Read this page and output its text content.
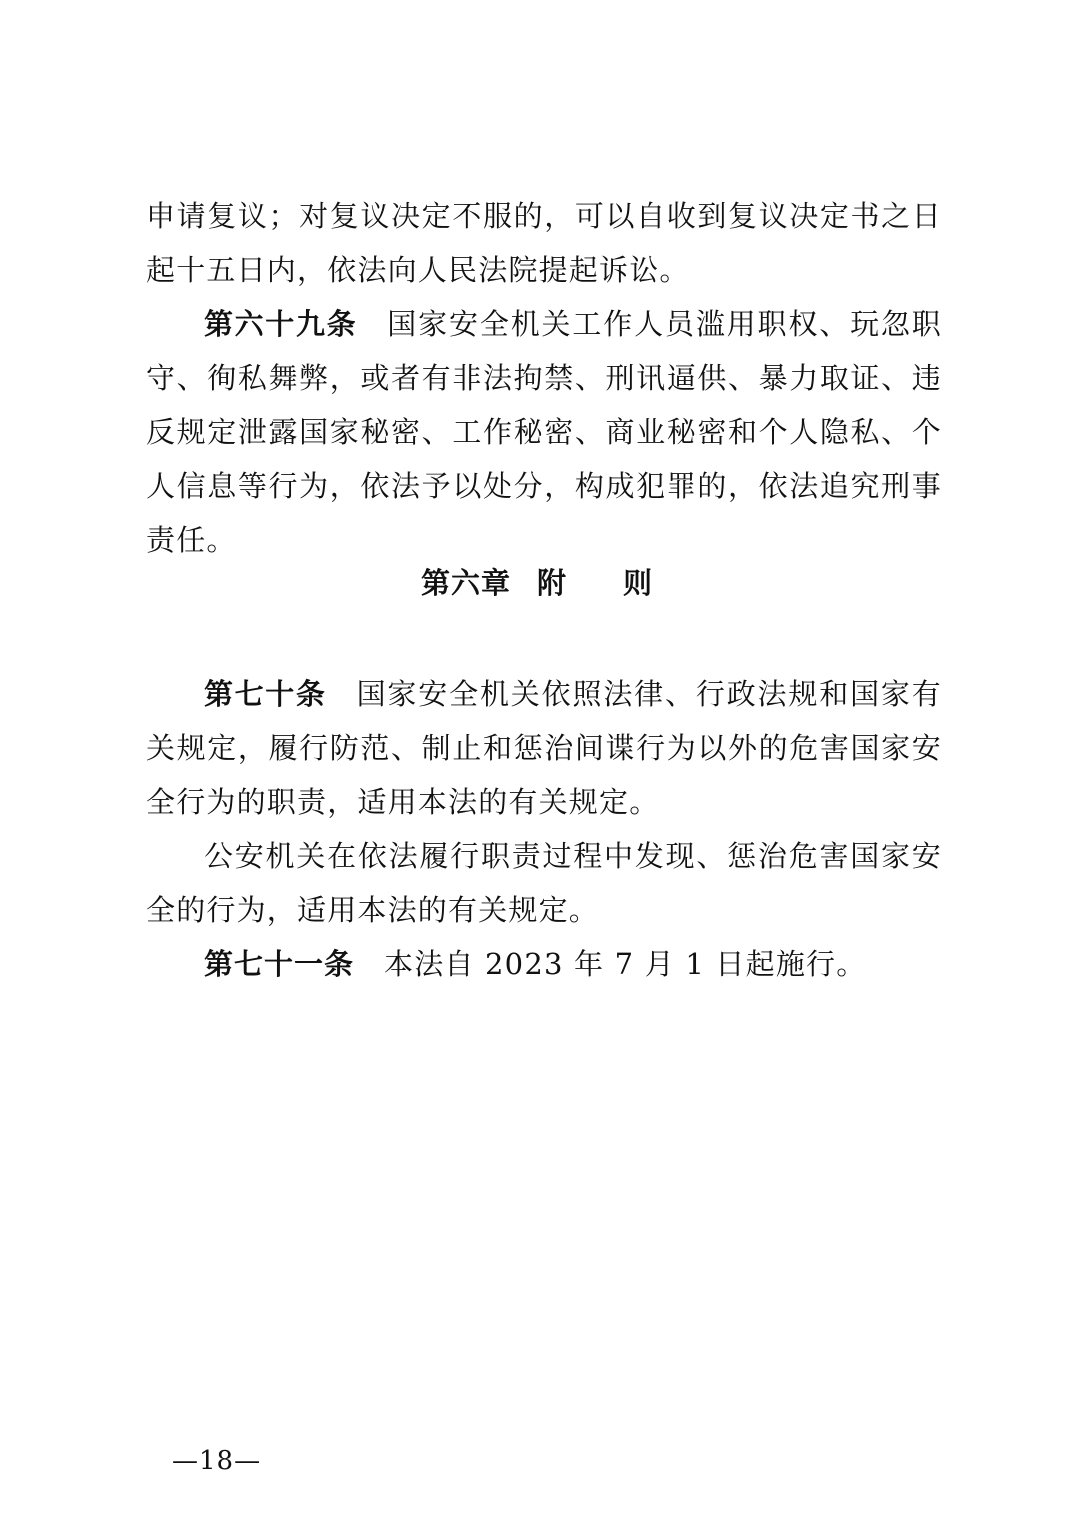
申请复议；对复议决定不服的，可以自收到复议决定书之日起十五日内，依法向人民法院提起诉讼。

第六十九条 国家安全机关工作人员滥用职权、玩忽职守、徇私舞弊，或者有非法拘禁、刑讯逼供、暴力取证、违反规定泄露国家秘密、工作秘密、商业秘密和个人隐私、个人信息等行为，依法予以处分，构成犯罪的，依法追究刑事责任。

第六章 附 则

第七十条 国家安全机关依照法律、行政法规和国家有关规定，履行防范、制止和惩治间谍行为以外的危害国家安全行为的职责，适用本法的有关规定。

公安机关在依法履行职责过程中发现、惩治危害国家安全的行为，适用本法的有关规定。

第七十一条 本法自 2023 年 7 月 1 日起施行。

—18—
